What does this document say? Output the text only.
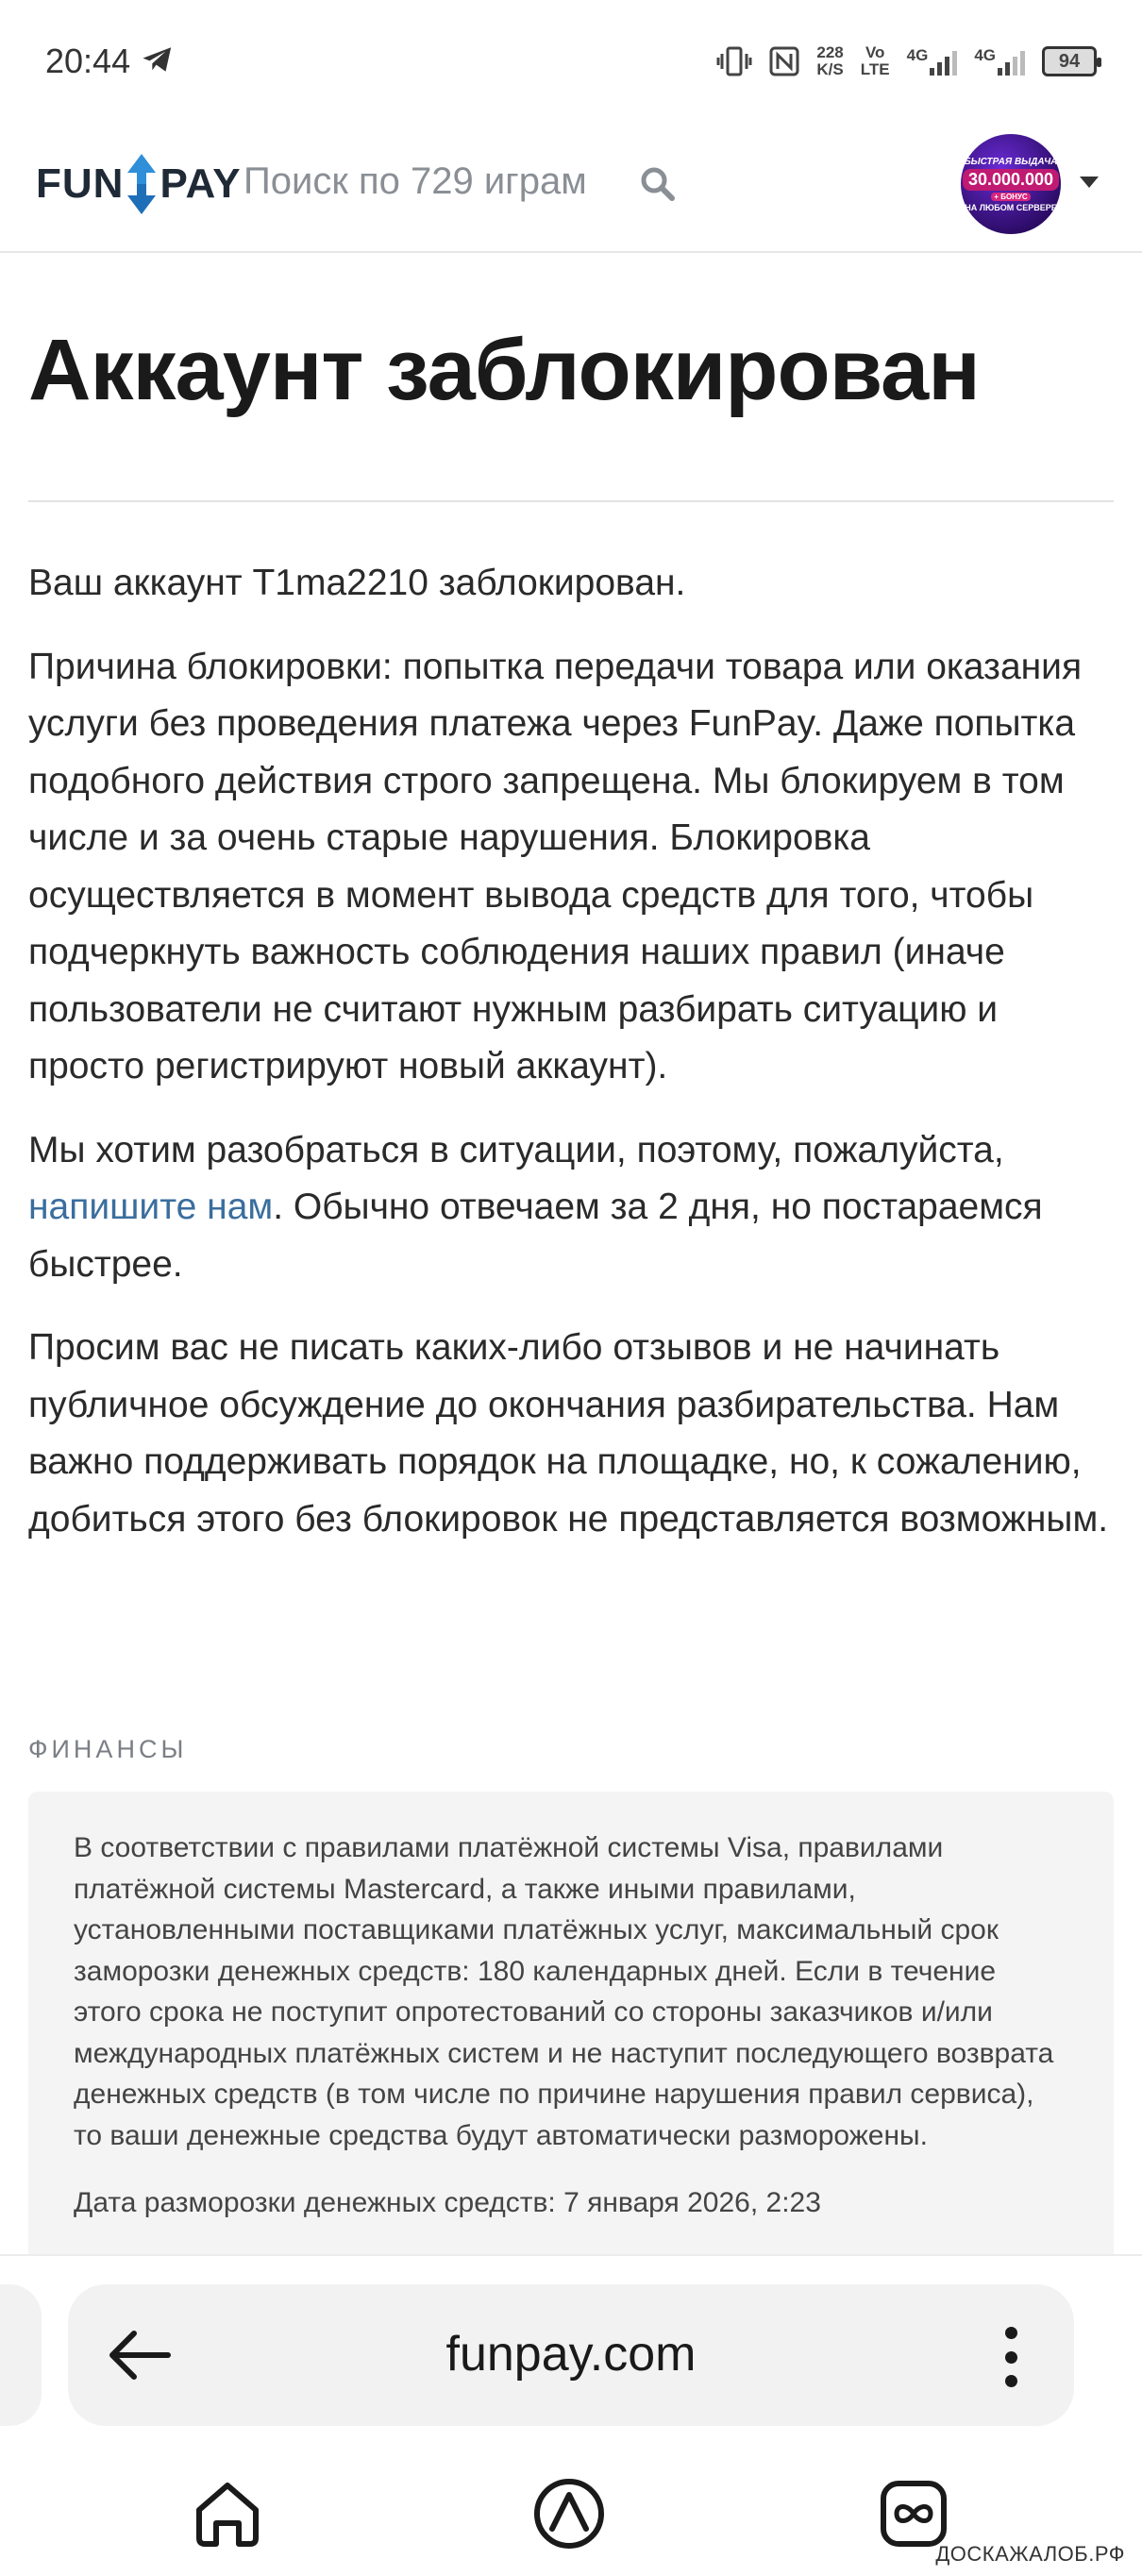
20:44	228
K/S
Vo
LTE
4G	4G	94
FUN PAY Поиск по 729 играм	БЫСТРАЯ ВЫДАЧА
30.000.000
+ БОНУС
НА ЛЮБОМ СЕРВЕРЕ
Аккаунт заблокирован

Ваш аккаунт T1ma2210 заблокирован.

Причина блокировки: попытка передачи товара или оказания услуги без проведения платежа через FunPay. Даже попытка подобного действия строго запрещена. Мы блокируем в том числе и за очень старые нарушения. Блокировка осуществляется в момент вывода средств для того, чтобы подчеркнуть важность соблюдения наших правил (иначе пользователи не считают нужным разбирать ситуацию и просто регистрируют новый аккаунт).

Мы хотим разобраться в ситуации, поэтому, пожалуйста, напишите нам. Обычно отвечаем за 2 дня, но постараемся быстрее.

Просим вас не писать каких-либо отзывов и не начинать публичное обсуждение до окончания разбирательства. Нам важно поддерживать порядок на площадке, но, к сожалению, добиться этого без блокировок не представляется возможным.

ФИНАНСЫ
В соответствии с правилами платёжной системы Visa, правилами платёжной системы Mastercard, а также иными правилами, установленными поставщиками платёжных услуг, максимальный срок заморозки денежных средств: 180 календарных дней. Если в течение этого срока не поступит опротестований со стороны заказчиков и/или международных платёжных систем и не наступит последующего возврата денежных средств (в том числе по причине нарушения правил сервиса), то ваши денежные средства будут автоматически разморожены.
Дата разморозки денежных средств: 7 января 2026, 2:23
funpay.com
ДОСКАЖАЛОБ.РФ
